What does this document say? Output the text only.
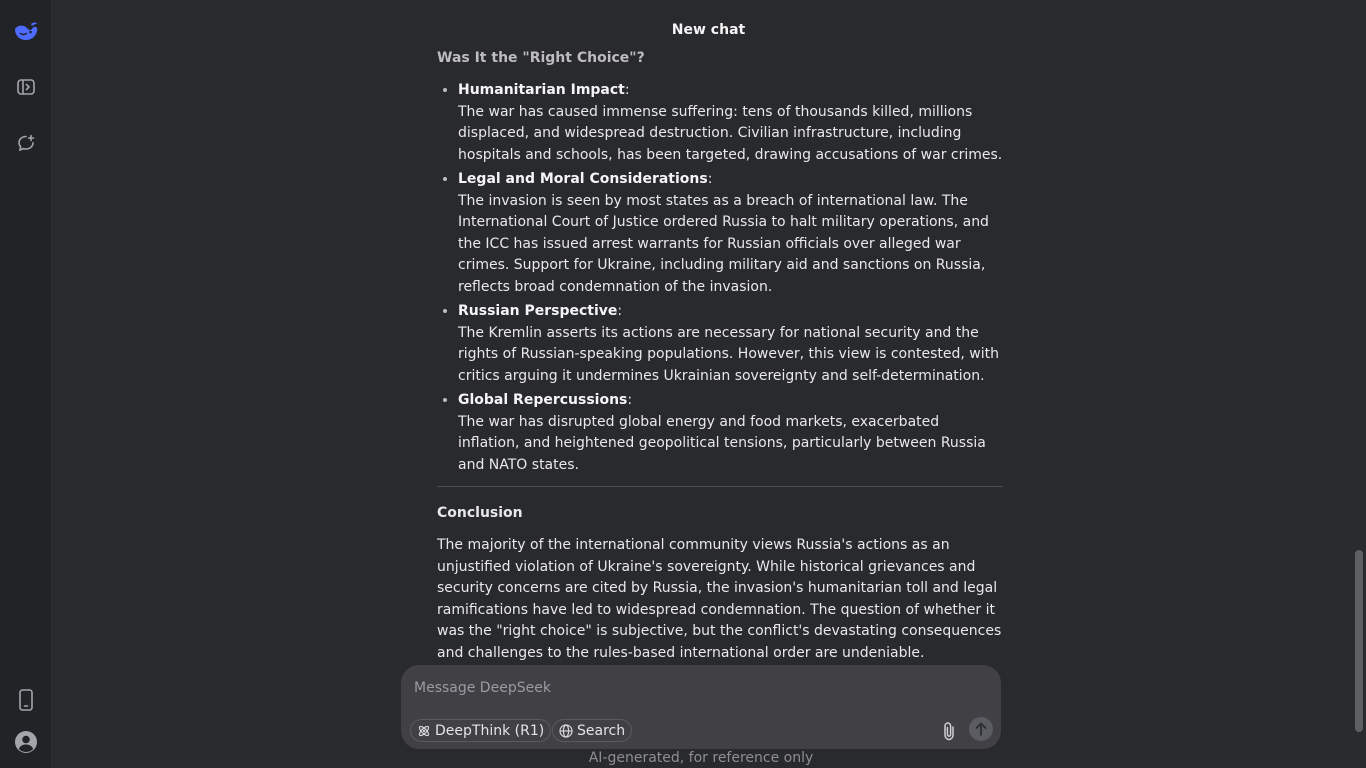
New chat
Was It the "Right Choice"?
• Humanitarian Impact:
The war has caused immense suffering: tens of thousands killed, millions displaced, and widespread destruction. Civilian infrastructure, including hospitals and schools, has been targeted, drawing accusations of war crimes.
• Legal and Moral Considerations:
The invasion is seen by most states as a breach of international law. The International Court of Justice ordered Russia to halt military operations, and the ICC has issued arrest warrants for Russian officials over alleged war crimes. Support for Ukraine, including military aid and sanctions on Russia, reflects broad condemnation of the invasion.
• Russian Perspective:
The Kremlin asserts its actions are necessary for national security and the rights of Russian-speaking populations. However, this view is contested, with critics arguing it undermines Ukrainian sovereignty and self-determination.
• Global Repercussions:
The war has disrupted global energy and food markets, exacerbated inflation, and heightened geopolitical tensions, particularly between Russia and NATO states.
Conclusion

The majority of the international community views Russia's actions as an unjustified violation of Ukraine's sovereignty. While historical grievances and security concerns are cited by Russia, the invasion's humanitarian toll and legal ramifications have led to widespread condemnation. The question of whether it was the "right choice" is subjective, but the conflict's devastating consequences and challenges to the rules-based international order are undeniable.

Message DeepSeek
DeepThink (R1) Search
AI-generated, for reference only
